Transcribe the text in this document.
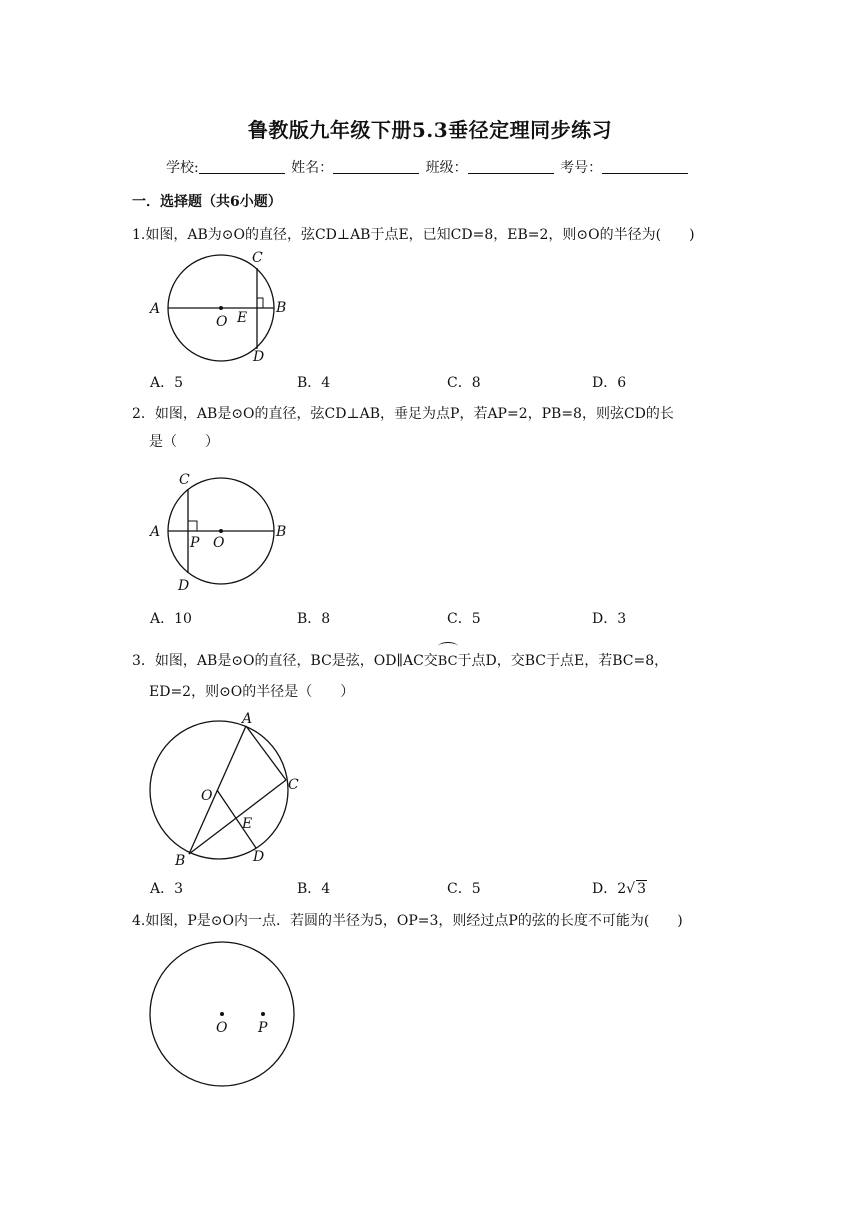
鲁教版九年级下册5.3垂径定理同步练习
学校:	姓名：	班级：	考号：
一．选择题（共6小题）
1.如图，AB为⊙O的直径，弦CD⊥AB于点E，已知CD=8，EB=2，则⊙O的半径为(　　)
A	B
C
D
O E
A．5	B．4	C．8	D．6
2．如图，AB是⊙O的直径，弦CD⊥AB，垂足为点P，若AP=2，PB=8，则弦CD的长
是（　　）
A	B
C
D
P O
A．10	B．8	C．5	D．3
3．如图，AB是⊙O的直径，BC是弦，OD∥AC交BC于点D，交BC于点E，若BC=8，
ED=2，则⊙O的半径是（　　）
A
B
C
D
O
E
A．3	B．4	C．5	D．2√ 3
4.如图，P是⊙O内一点．若圆的半径为5，OP=3，则经过点P的弦的长度不可能为(　　)
O P
